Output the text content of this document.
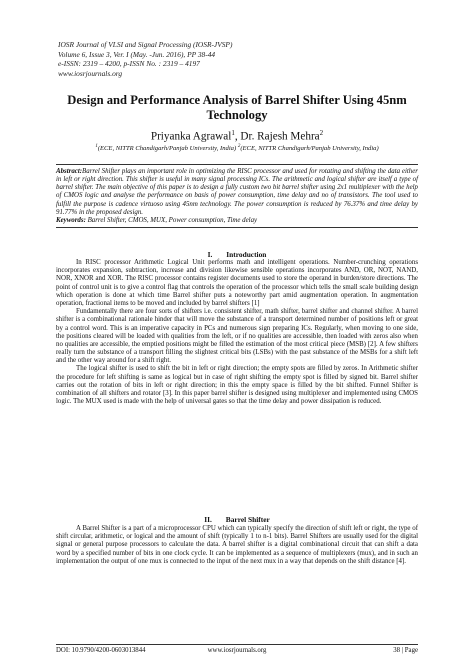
IOSR Journal of VLSI and Signal Processing (IOSR-JVSP)
Volume 6, Issue 3, Ver. I (May. -Jun. 2016), PP 38-44
e-ISSN: 2319 – 4200, p-ISSN No. : 2319 – 4197
www.iosrjournals.org
Design and Performance Analysis of Barrel Shifter Using 45nm Technology
Priyanka Agrawal$^1$, Dr. Rajesh Mehra$^2$
$^1$(ECE, NITTR Chandigarh/Panjab University, India) $^2$(ECE, NITTR Chandigarh/Panjab University, India)

Abstract:Barrel Shifter plays an important role in optimizing the RISC processor and used for rotating and shifting the data either in left or right direction. This shifter is useful in many signal processing ICs. The arithmetic and logical shifter are itself a type of barrel shifter. The main objective of this paper is to design a fully custom two bit barrel shifter using 2x1 multiplexer with the help of CMOS logic and analyse the performance on basis of power consumption, time delay and no of transistors. The tool used to fulfill the purpose is cadence virtuoso using 45nm technology. The power consumption is reduced by 76.37% and time delay by 91.77% in the proposed design.

Keywords: Barrel Shifter, CMOS, MUX, Power consumption, Time delay

I. Introduction

In RISC processor Arithmetic Logical Unit performs math and intelligent operations. Number-crunching operations incorporates expansion, subtraction, increase and division likewise sensible operations incorporates AND, OR, NOT, NAND, NOR, XNOR and XOR. The RISC processor contains register documents used to store the operand in burden/store directions. The point of control unit is to give a control flag that controls the operation of the processor which tells the small scale building design which operation is done at which time Barrel shifter puts a noteworthy part amid augmentation operation. In augmentation operation, fractional items to be moved and included by barrel shifters [1]

Fundamentally there are four sorts of shifters i.e. consistent shifter, math shifter, barrel shifter and channel shifter. A barrel shifter is a combinational rationale hinder that will move the substance of a transport determined number of positions left or great by a control word. This is an imperative capacity in PCs and numerous sign preparing ICs. Regularly, when moving to one side, the positions cleared will be loaded with qualities from the left, or if no qualities are accessible, then loaded with zeros also when no qualities are accessible, the emptied positions might be filled the estimation of the most critical piece (MSB) [2]. A few shifters really turn the substance of a transport filling the slightest critical bits (LSBs) with the past substance of the MSBs for a shift left and the other way around for a shift right.

The logical shifter is used to shift the bit in left or right direction; the empty spots are filled by zeros. In Arithmetic shifter the procedure for left shifting is same as logical but in case of right shifting the empty spot is filled by signed bit. Barrel shifter carries out the rotation of bits in left or right direction; in this the empty space is filled by the bit shifted. Funnel Shifter is combination of all shifters and rotator [3]. In this paper barrel shifter is designed using multiplexer and implemented using CMOS logic. The MUX used is made with the help of universal gates so that the time delay and power dissipation is reduced.

II. Barrel Shifter

A Barrel Shifter is a part of a microprocessor CPU which can typically specify the direction of shift left or right, the type of shift circular, arithmetic, or logical and the amount of shift (typically 1 to n-1 bits). Barrel Shifters are usually used for the digital signal or general purpose processors to calculate the data. A barrel shifter is a digital combinational circuit that can shift a data word by a specified number of bits in one clock cycle. It can be implemented as a sequence of multiplexers (mux), and in such an implementation the output of one mux is connected to the input of the next mux in a way that depends on the shift distance [4].

DOI: 10.9790/4200-0603013844	www.iosrjournals.org	38 | Page
